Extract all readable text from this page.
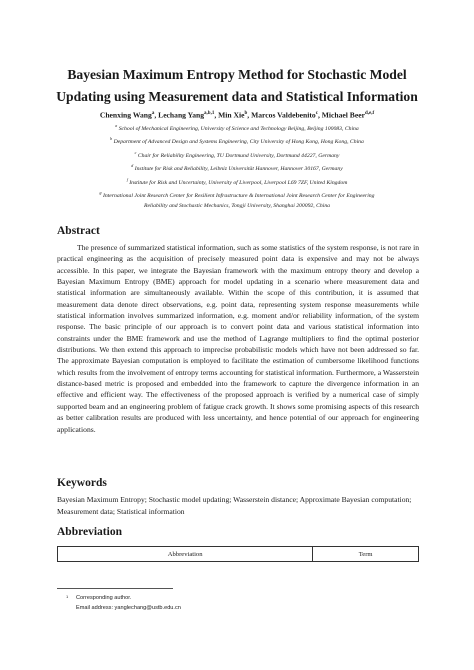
Bayesian Maximum Entropy Method for Stochastic Model
Updating using Measurement data and Statistical Information
Chenxing Wang$^a$, Lechang Yang$^{a,b,1}$, Min Xie$^b$, Marcos Valdebenito$^c$, Michael Beer$^{d,e,f}$
$^a$ School of Mechanical Engineering, University of Science and Technology Beijing, Beijing 100083, China
$^b$ Department of Advanced Design and Systems Engineering, City University of Hong Kong, Hong Kong, China
$^c$ Chair for Reliability Engineering, TU Dortmund University, Dortmund 44227, Germany
$^d$ Institute for Risk and Reliability, Leibniz Universität Hannover, Hannover 30167, Germany
$^f$ Institute for Risk and Uncertainty, University of Liverpool, Liverpool L69 7ZF, United Kingdom
$^g$ International Joint Research Center for Resilient Infrastructure & International Joint Research Center for Engineering
Reliability and Stochastic Mechanics, Tongji University, Shanghai 200092, China
Abstract
The presence of summarized statistical information, such as some statistics of the system response, is not rare in practical engineering as the acquisition of precisely measured point data is expensive and may not be always accessible. In this paper, we integrate the Bayesian framework with the maximum entropy theory and develop a Bayesian Maximum Entropy (BME) approach for model updating in a scenario where measurement data and statistical information are simultaneously available. Within the scope of this contribution, it is assumed that measurement data denote direct observations, e.g. point data, representing system response measurements while statistical information involves summarized information, e.g. moment and/or reliability information, of the system response. The basic principle of our approach is to convert point data and various statistical information into constraints under the BME framework and use the method of Lagrange multipliers to find the optimal posterior distributions. We then extend this approach to imprecise probabilistic models which have not been addressed so far. The approximate Bayesian computation is employed to facilitate the estimation of cumbersome likelihood functions which results from the involvement of entropy terms accounting for statistical information. Furthermore, a Wasserstein distance-based metric is proposed and embedded into the framework to capture the divergence information in an effective and efficient way. The effectiveness of the proposed approach is verified by a numerical case of simply supported beam and an engineering problem of fatigue crack growth. It shows some promising aspects of this research as better calibration results are produced with less uncertainty, and hence potential of our approach for engineering applications.
Keywords
Bayesian Maximum Entropy; Stochastic model updating; Wasserstein distance; Approximate Bayesian computation; Measurement data; Statistical information
Abbreviation
Abbreviation	Term
1 Corresponding author.
Email address: yanglechang@ustb.edu.cn
